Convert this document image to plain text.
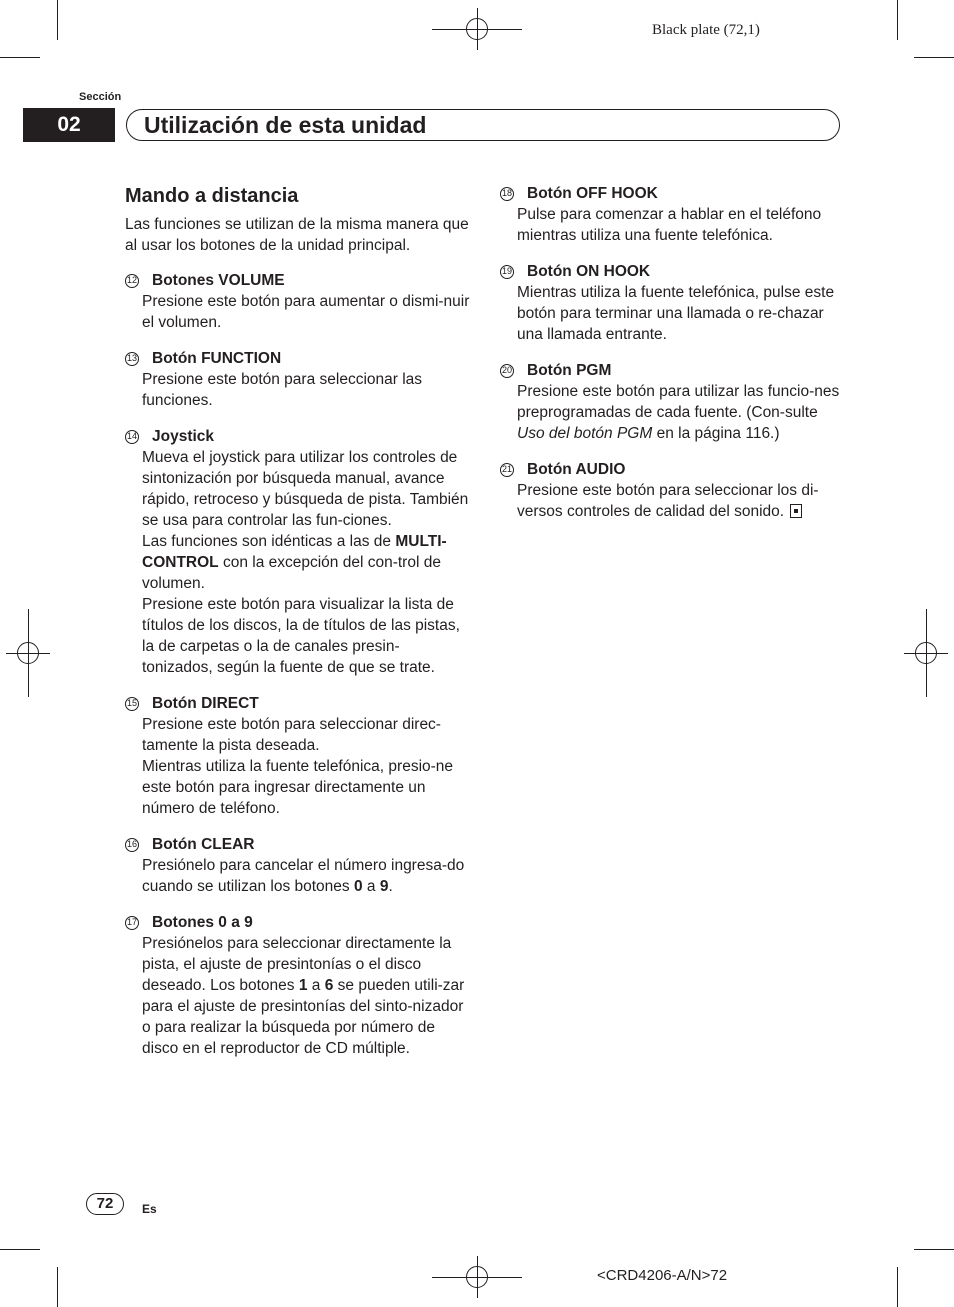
Black plate (72,1)
Sección
02	Utilización de esta unidad
Mando a distancia
Las funciones se utilizan de la misma manera que al usar los botones de la unidad principal.
12 Botones VOLUME
Presione este botón para aumentar o dismi-nuir el volumen.
13 Botón FUNCTION
Presione este botón para seleccionar las funciones.
14 Joystick
Mueva el joystick para utilizar los controles de sintonización por búsqueda manual, avance rápido, retroceso y búsqueda de pista. También se usa para controlar las fun-ciones.
Las funciones son idénticas a las de MULTI-CONTROL con la excepción del con-trol de volumen.
Presione este botón para visualizar la lista de títulos de los discos, la de títulos de las pistas, la de carpetas o la de canales presin-tonizados, según la fuente de que se trate.
15 Botón DIRECT
Presione este botón para seleccionar direc-tamente la pista deseada.
Mientras utiliza la fuente telefónica, presio-ne este botón para ingresar directamente un número de teléfono.
16 Botón CLEAR
Presiónelo para cancelar el número ingresa-do cuando se utilizan los botones 0 a 9.
17 Botones 0 a 9
Presiónelos para seleccionar directamente la pista, el ajuste de presintonías o el disco deseado. Los botones 1 a 6 se pueden utili-zar para el ajuste de presintonías del sinto-nizador o para realizar la búsqueda por número de disco en el reproductor de CD múltiple.
18 Botón OFF HOOK
Pulse para comenzar a hablar en el teléfono mientras utiliza una fuente telefónica.
19 Botón ON HOOK
Mientras utiliza la fuente telefónica, pulse este botón para terminar una llamada o re-chazar una llamada entrante.
20 Botón PGM
Presione este botón para utilizar las funcio-nes preprogramadas de cada fuente. (Con-sulte Uso del botón PGM en la página 116.)
21 Botón AUDIO
Presione este botón para seleccionar los di-versos controles de calidad del sonido.
72	Es
<CRD4206-A/N>72
